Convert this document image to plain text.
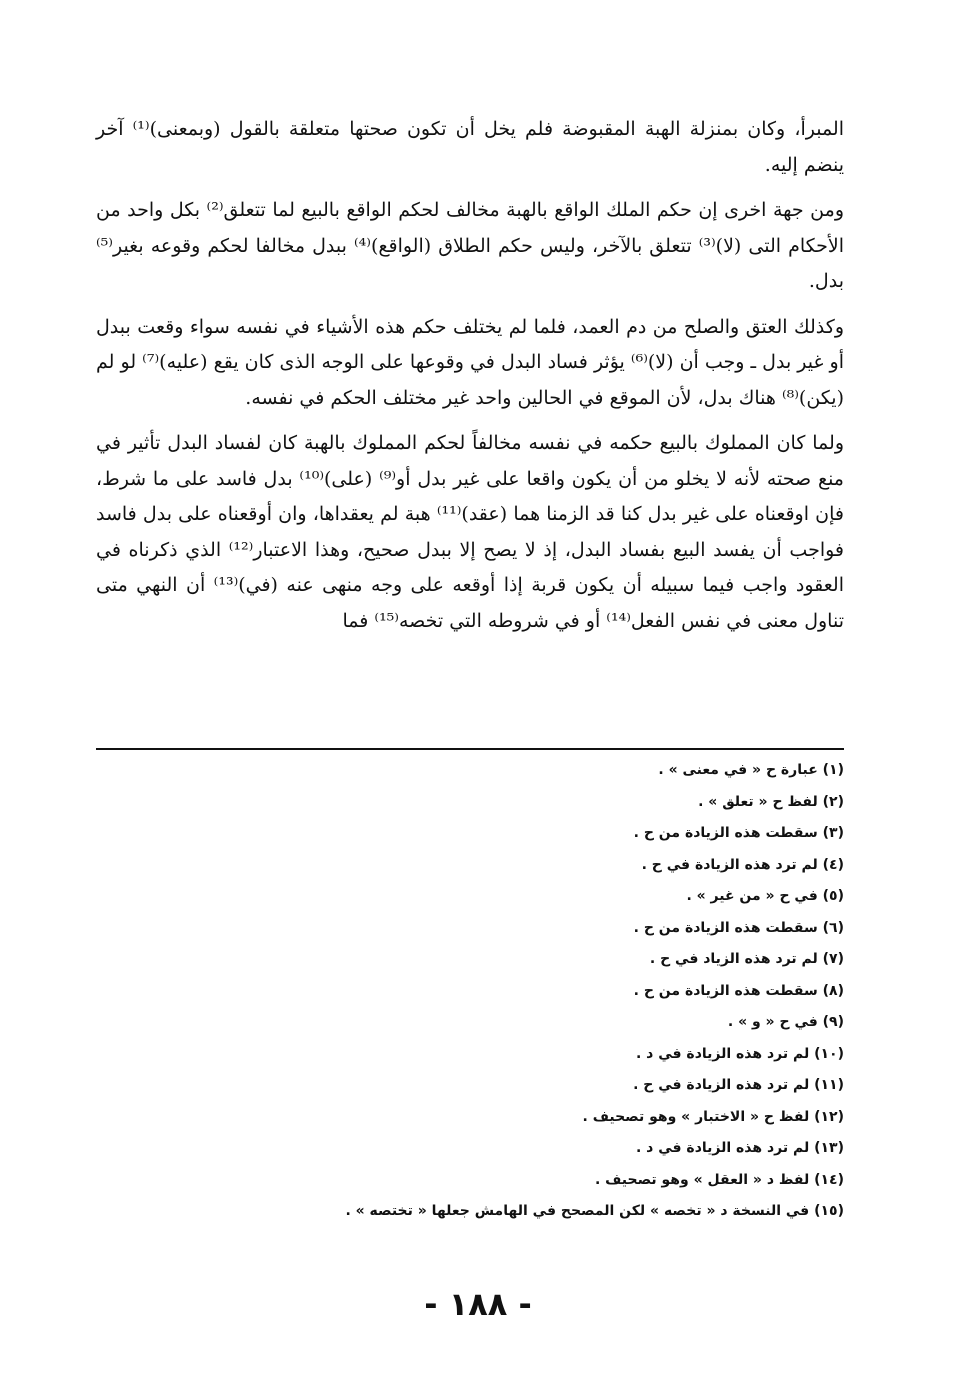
المبرأ، وكان بمنزلة الهبة المقبوضة فلم يخل أن تكون صحتها متعلقة بالقول (وبمعنى)⁽¹⁾ آخر ينضم إليه.

ومن جهة اخرى إن حكم الملك الواقع بالهبة مخالف لحكم الواقع بالبيع لما تتعلق⁽²⁾ بكل واحد من الأحكام التى (لا)⁽³⁾ تتعلق بالآخر، وليس حكم الطلاق (الواقع)⁽⁴⁾ ببدل مخالفا لحكم وقوعه بغير⁽⁵⁾ بدل.

وكذلك العتق والصلح من دم العمد، فلما لم يختلف حكم هذه الأشياء في نفسه سواء وقعت ببدل أو غير بدل ـ وجب أن (لا)⁽⁶⁾ يؤثر فساد البدل في وقوعها على الوجه الذى كان يقع (عليه)⁽⁷⁾ لو لم (يكن)⁽⁸⁾ هناك بدل، لأن الموقع في الحالين واحد غير مختلف الحكم في نفسه.

ولما كان المملوك بالبيع حكمه في نفسه مخالفاً لحكم المملوك بالهبة كان لفساد البدل تأثير في منع صحته لأنه لا يخلو من أن يكون واقعا على غير بدل أو⁽⁹⁾ (على)⁽¹⁰⁾ بدل فاسد على ما شرط، فإن اوقعناه على غير بدل كنا قد الزمنا هما (عقد)⁽¹¹⁾ هبة لم يعقداها، وان أوقعناه على بدل فاسد فواجب أن يفسد البيع بفساد البدل، إذ لا يصح إلا ببدل صحيح، وهذا الاعتبار⁽¹²⁾ الذي ذكرناه في العقود واجب فيما سبيله أن يكون قربة إذا أوقعه على وجه منهى عنه (في)⁽¹³⁾ أن النهي متى تناول معنى في نفس الفعل⁽¹⁴⁾ أو في شروطه التي تخصه⁽¹⁵⁾ فما

(١) عبارة ح « في معنى » .
(٢) لفظ ح « تعلق » .
(٣) سقطت هذه الزيادة من ح .
(٤) لم ترد هذه الزيادة في ح .
(٥) في ح « من غير » .
(٦) سقطت هذه الزيادة من ح .
(٧) لم ترد هذه الزياد في ح .
(٨) سقطت هذه الزيادة من ح .
(٩) في ح « و » .
(١٠) لم ترد هذه الزيادة في د .
(١١) لم ترد هذه الزيادة في ح .
(١٢) لفظ ح « الاختبار » وهو تصحيف .
(١٣) لم ترد هذه الزيادة في د .
(١٤) لفظ د « العقل » وهو تصحيف .
(١٥) في النسخة د « تخصه » لكن المصحح في الهامش جعلها « تختصه » .
- ١٨٨ -
